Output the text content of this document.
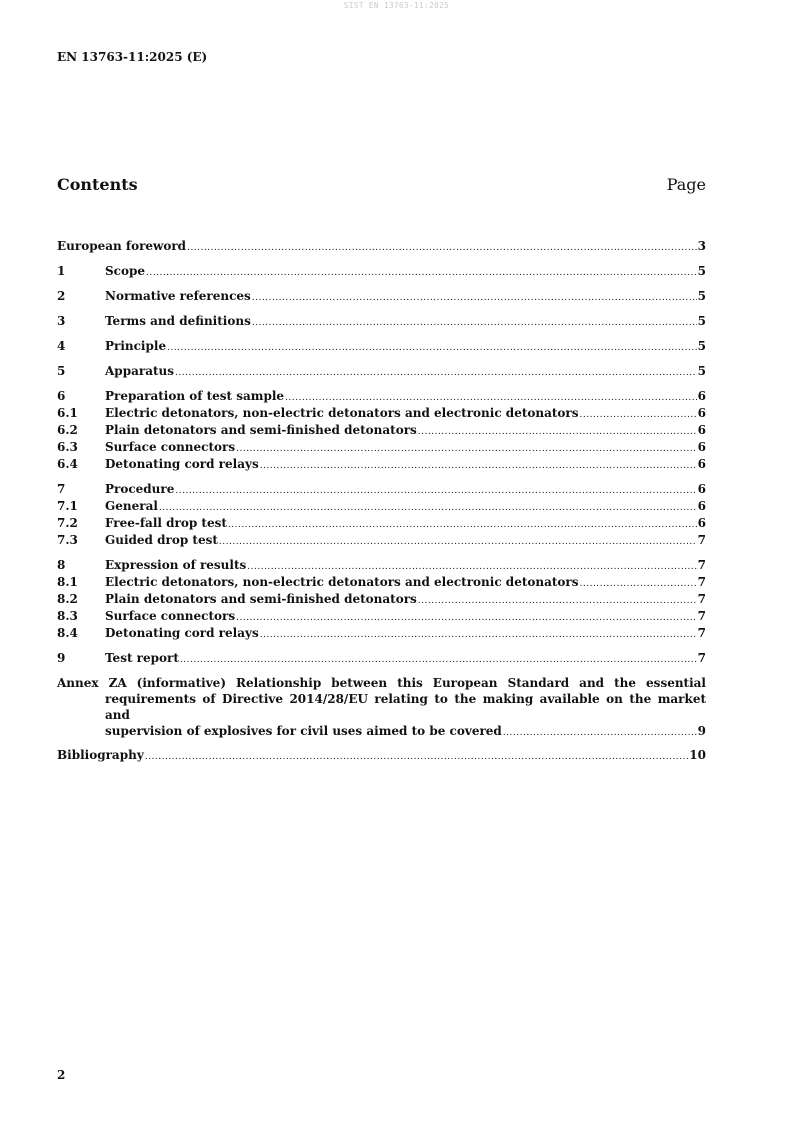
SIST EN 13763-11:2025
EN 13763-11:2025 (E)
Contents	Page
European foreword .....	3
1	Scope .....	5
2	Normative references .....	5
3	Terms and definitions .....	5
4	Principle .....	5
5	Apparatus .....	5
6	Preparation of test sample .....	6
6.1	Electric detonators, non-electric detonators and electronic detonators .....	6
6.2	Plain detonators and semi-finished detonators .....	6
6.3	Surface connectors .....	6
6.4	Detonating cord relays .....	6
7	Procedure .....	6
7.1	General .....	6
7.2	Free-fall drop test .....	6
7.3	Guided drop test .....	7
8	Expression of results .....	7
8.1	Electric detonators, non-electric detonators and electronic detonators .....	7
8.2	Plain detonators and semi-finished detonators .....	7
8.3	Surface connectors .....	7
8.4	Detonating cord relays .....	7
9	Test report .....	7
Annex ZA (informative) Relationship between this European Standard and the essential
requirements of Directive 2014/28/EU relating to the making available on the market and
supervision of explosives for civil uses aimed to be covered .....	9
Bibliography .....	10
2
